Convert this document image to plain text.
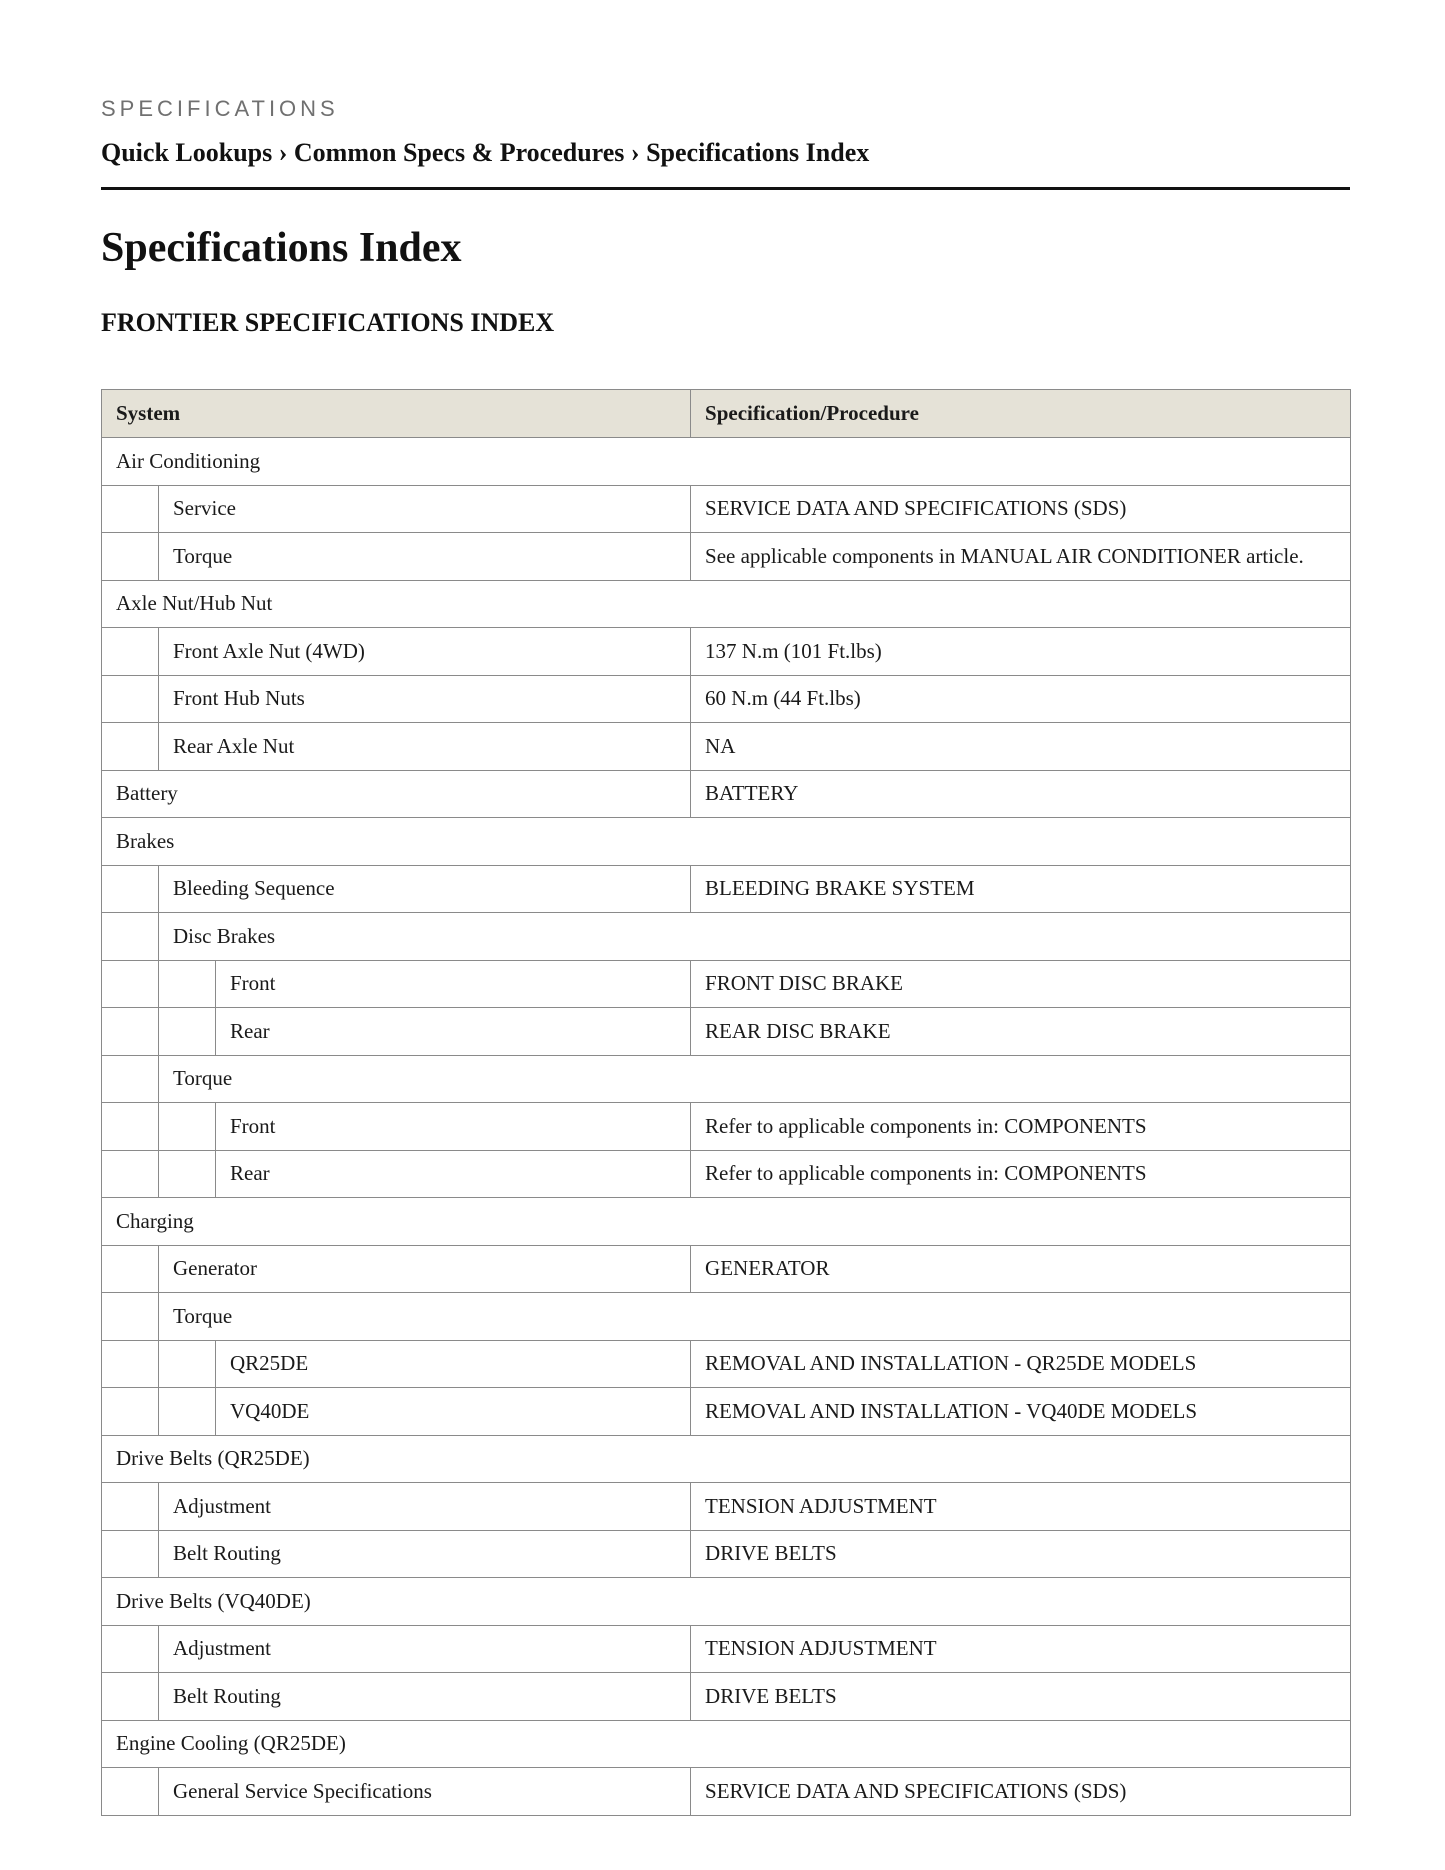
SPECIFICATIONS

Quick Lookups › Common Specs & Procedures › Specifications Index

Specifications Index
FRONTIER SPECIFICATIONS INDEX
System			Specification/Procedure
Air Conditioning			
	Service		SERVICE DATA AND SPECIFICATIONS (SDS)
	Torque		See applicable components in MANUAL AIR CONDITIONER article.
Axle Nut/Hub Nut			
	Front Axle Nut (4WD)		137 N.m (101 Ft.lbs)
	Front Hub Nuts		60 N.m (44 Ft.lbs)
	Rear Axle Nut		NA
Battery			BATTERY
Brakes			
	Bleeding Sequence		BLEEDING BRAKE SYSTEM
	Disc Brakes		
		Front	FRONT DISC BRAKE
		Rear	REAR DISC BRAKE
	Torque		
		Front	Refer to applicable components in: COMPONENTS
		Rear	Refer to applicable components in: COMPONENTS
Charging			
	Generator		GENERATOR
	Torque		
		QR25DE	REMOVAL AND INSTALLATION - QR25DE MODELS
		VQ40DE	REMOVAL AND INSTALLATION - VQ40DE MODELS
Drive Belts (QR25DE)			
	Adjustment		TENSION ADJUSTMENT
	Belt Routing		DRIVE BELTS
Drive Belts (VQ40DE)			
	Adjustment		TENSION ADJUSTMENT
	Belt Routing		DRIVE BELTS
Engine Cooling (QR25DE)			
	General Service Specifications		SERVICE DATA AND SPECIFICATIONS (SDS)
